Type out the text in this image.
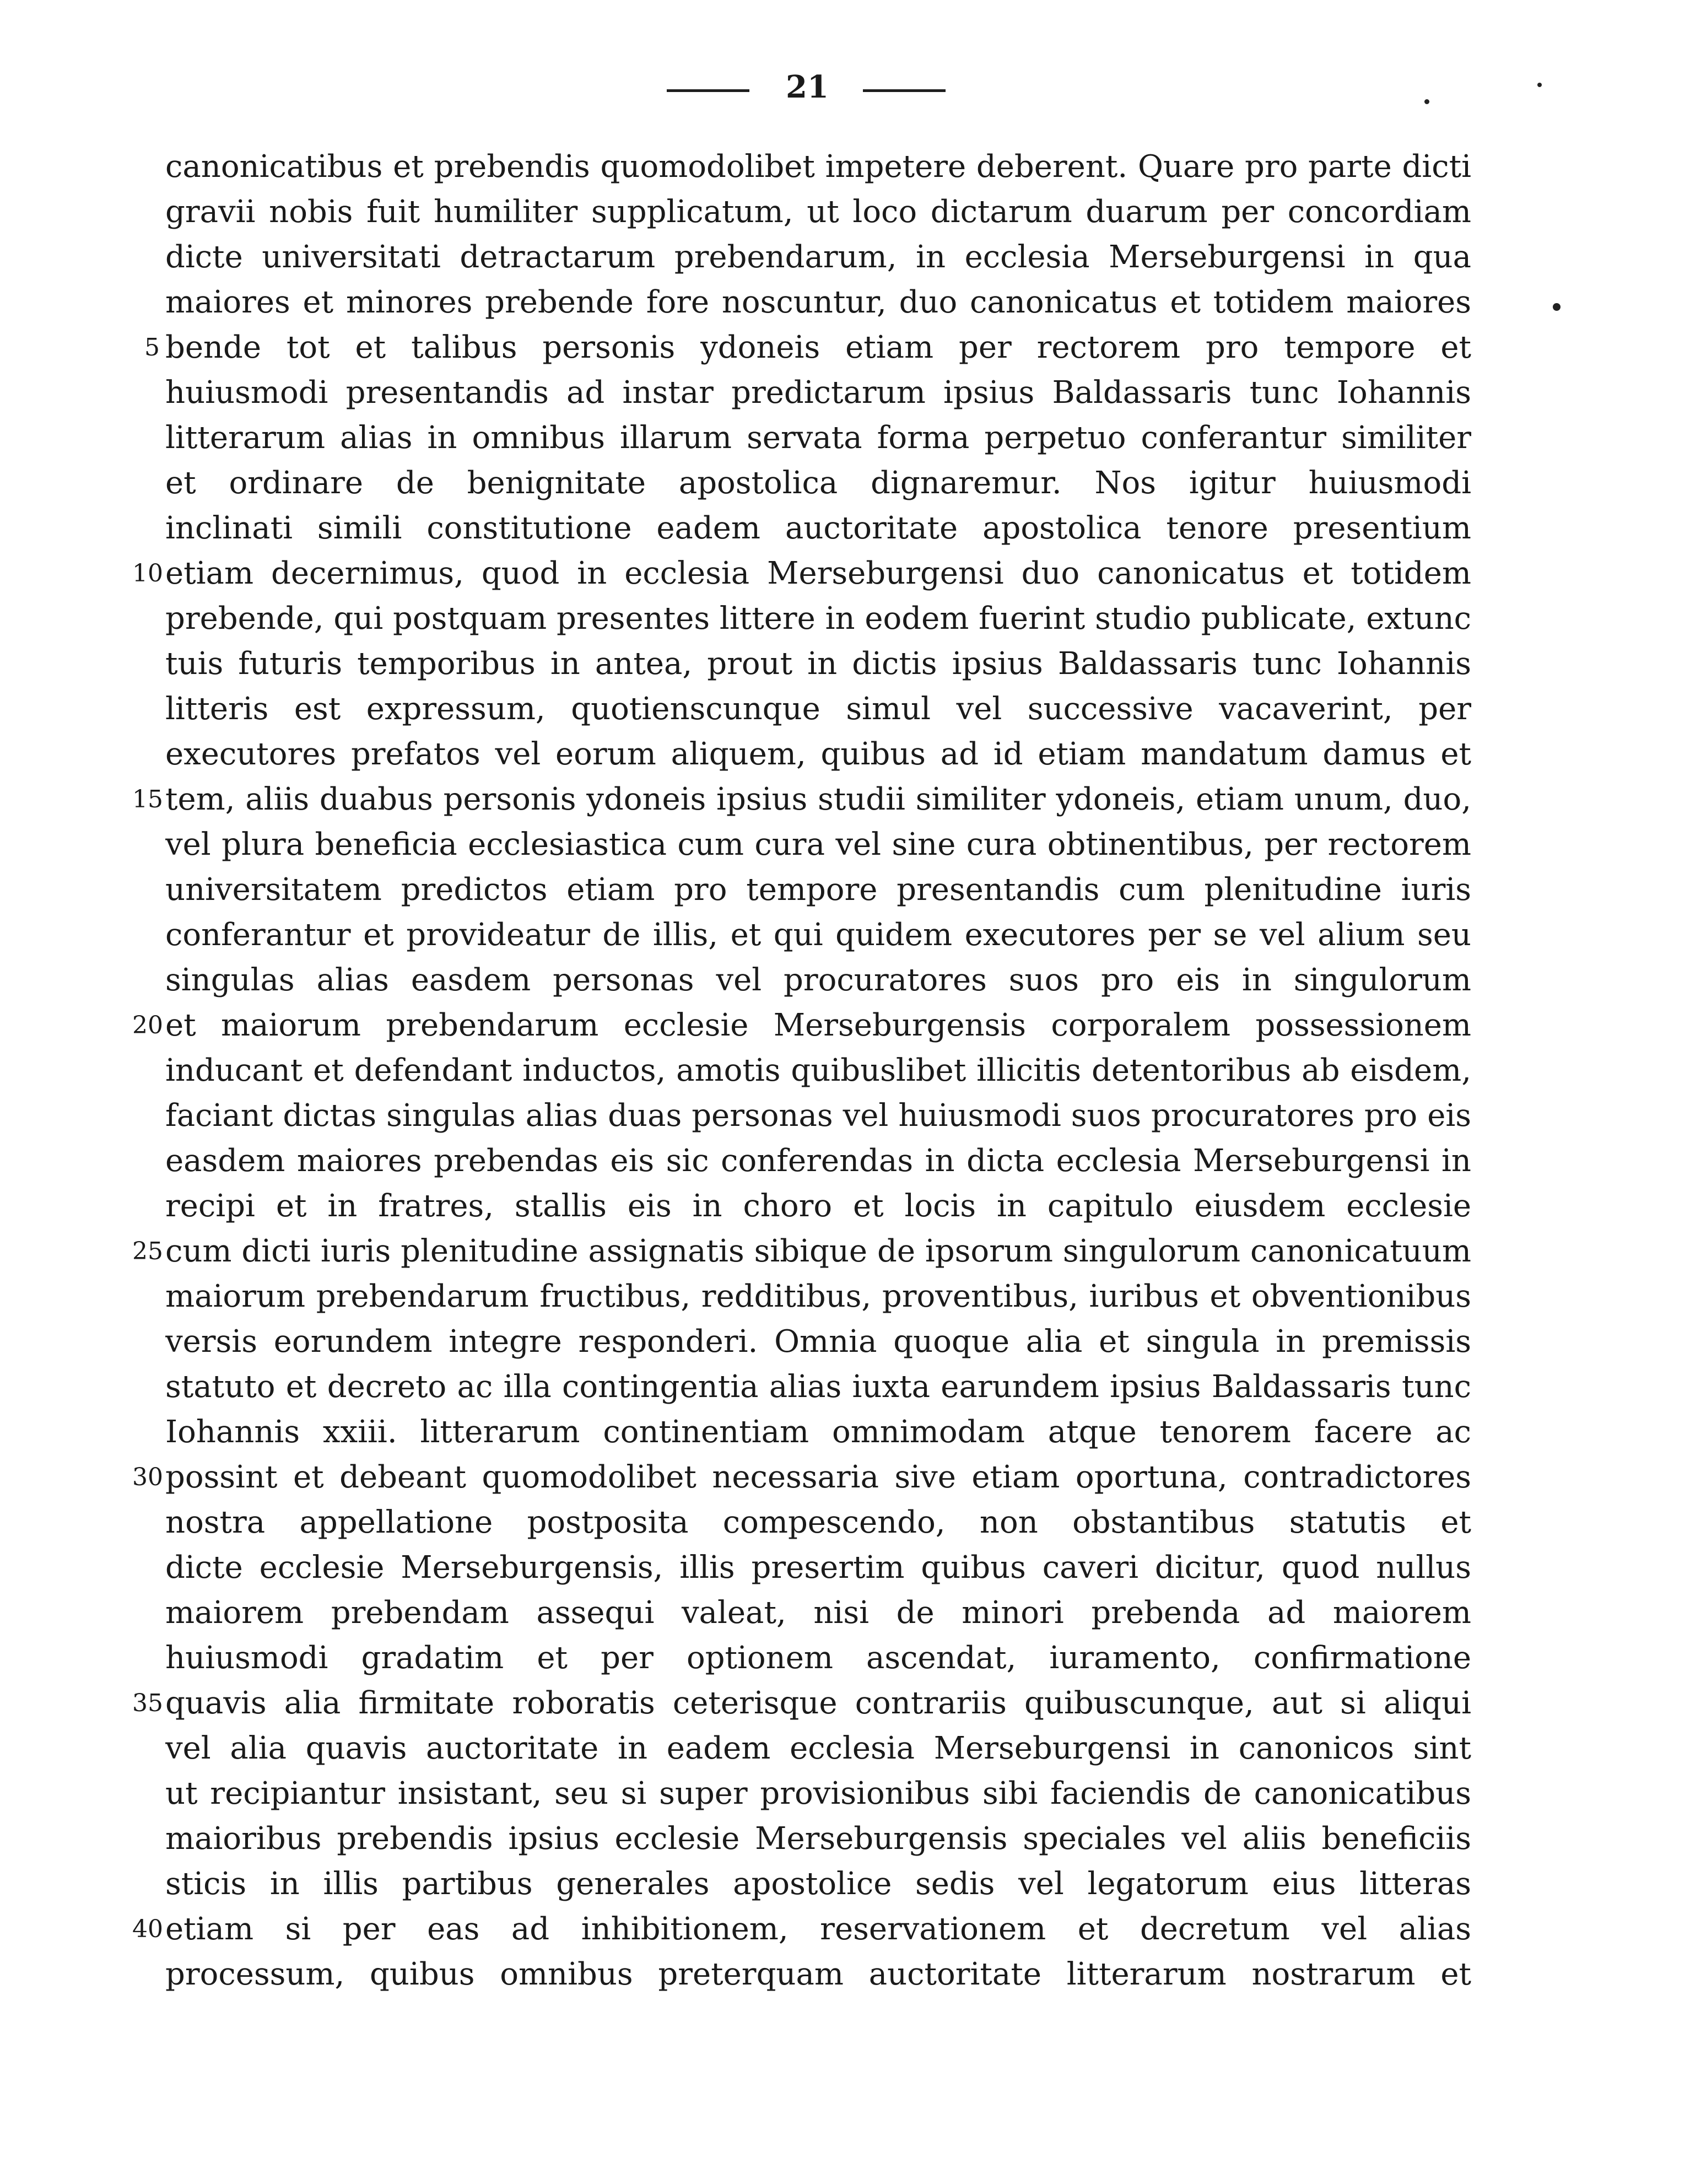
21
canonicatibus et prebendis quomodolibet impetere deberent. Quare pro parte dicti
gravii nobis fuit humiliter supplicatum, ut loco dictarum duarum per concordiam
dicte universitati detractarum prebendarum, in ecclesia Merseburgensi in qua
maiores et minores prebende fore noscuntur, duo canonicatus et totidem maiores
5 bende tot et talibus personis ydoneis etiam per rectorem pro tempore et
huiusmodi presentandis ad instar predictarum ipsius Baldassaris tunc Iohannis
litterarum alias in omnibus illarum servata forma perpetuo conferantur similiter
et ordinare de benignitate apostolica dignaremur. Nos igitur huiusmodi
inclinati simili constitutione eadem auctoritate apostolica tenore presentium
10 etiam decernimus, quod in ecclesia Merseburgensi duo canonicatus et totidem
prebende, qui postquam presentes littere in eodem fuerint studio publicate, extunc
tuis futuris temporibus in antea, prout in dictis ipsius Baldassaris tunc Iohannis
litteris est expressum, quotienscunque simul vel successive vacaverint, per
executores prefatos vel eorum aliquem, quibus ad id etiam mandatum damus et
15 tem, aliis duabus personis ydoneis ipsius studii similiter ydoneis, etiam unum, duo,
vel plura beneficia ecclesiastica cum cura vel sine cura obtinentibus, per rectorem
universitatem predictos etiam pro tempore presentandis cum plenitudine iuris
conferantur et provideatur de illis, et qui quidem executores per se vel alium seu
singulas alias easdem personas vel procuratores suos pro eis in singulorum
20 et maiorum prebendarum ecclesie Merseburgensis corporalem possessionem
inducant et defendant inductos, amotis quibuslibet illicitis detentoribus ab eisdem,
faciant dictas singulas alias duas personas vel huiusmodi suos procuratores pro eis
easdem maiores prebendas eis sic conferendas in dicta ecclesia Merseburgensi in
recipi et in fratres, stallis eis in choro et locis in capitulo eiusdem ecclesie
25 cum dicti iuris plenitudine assignatis sibique de ipsorum singulorum canonicatuum
maiorum prebendarum fructibus, redditibus, proventibus, iuribus et obventionibus
versis eorundem integre responderi. Omnia quoque alia et singula in premissis
statuto et decreto ac illa contingentia alias iuxta earundem ipsius Baldassaris tunc
Iohannis xxiii. litterarum continentiam omnimodam atque tenorem facere ac
30 possint et debeant quomodolibet necessaria sive etiam oportuna, contradictores
nostra appellatione postposita compescendo, non obstantibus statutis et
dicte ecclesie Merseburgensis, illis presertim quibus caveri dicitur, quod nullus
maiorem prebendam assequi valeat, nisi de minori prebenda ad maiorem
huiusmodi gradatim et per optionem ascendat, iuramento, confirmatione
35 quavis alia firmitate roboratis ceterisque contrariis quibuscunque, aut si aliqui
vel alia quavis auctoritate in eadem ecclesia Merseburgensi in canonicos sint
ut recipiantur insistant, seu si super provisionibus sibi faciendis de canonicatibus
maioribus prebendis ipsius ecclesie Merseburgensis speciales vel aliis beneficiis
sticis in illis partibus generales apostolice sedis vel legatorum eius litteras
40 etiam si per eas ad inhibitionem, reservationem et decretum vel alias
processum, quibus omnibus preterquam auctoritate litterarum nostrarum et
